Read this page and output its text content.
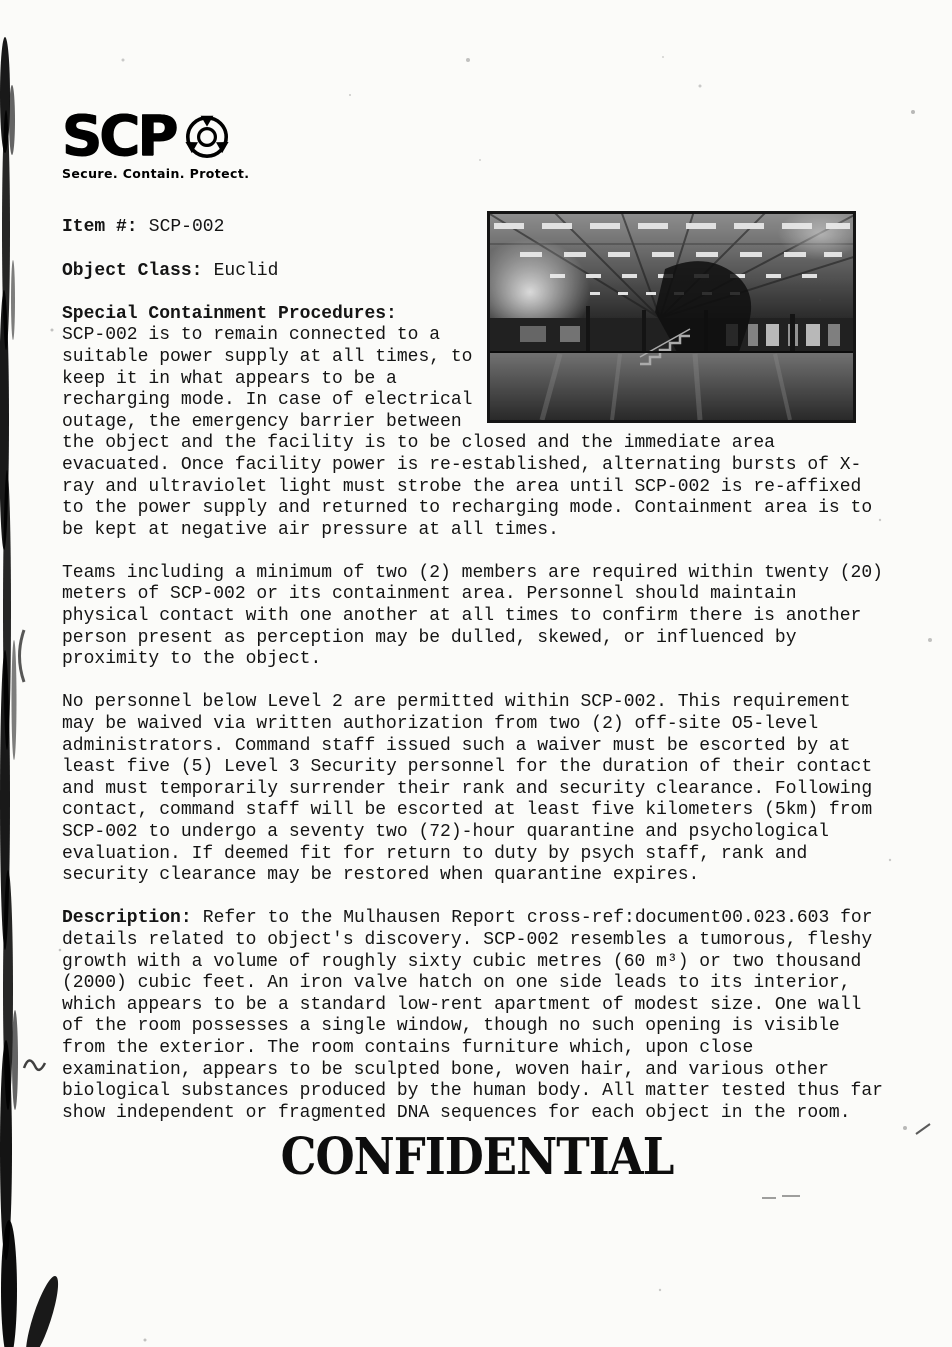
SCP
Secure. Contain. Protect.

Item #: SCP-002

Object Class: Euclid

Special Containment Procedures:
SCP-002 is to remain connected to a suitable power supply at all times, to keep it in what appears to be a recharging mode. In case of electrical outage, the emergency barrier between the object and the facility is to be closed and the immediate area evacuated. Once facility power is re-established, alternating bursts of X-ray and ultraviolet light must strobe the area until SCP-002 is re-affixed to the power supply and returned to recharging mode. Containment area is to be kept at negative air pressure at all times.

Teams including a minimum of two (2) members are required within twenty (20) meters of SCP-002 or its containment area. Personnel should maintain physical contact with one another at all times to confirm there is another person present as perception may be dulled, skewed, or influenced by proximity to the object.

No personnel below Level 2 are permitted within SCP-002. This requirement may be waived via written authorization from two (2) off-site O5-level administrators. Command staff issued such a waiver must be escorted by at least five (5) Level 3 Security personnel for the duration of their contact and must temporarily surrender their rank and security clearance. Following contact, command staff will be escorted at least five kilometers (5km) from SCP-002 to undergo a seventy two (72)-hour quarantine and psychological evaluation. If deemed fit for return to duty by psych staff, rank and security clearance may be restored when quarantine expires.

Description: Refer to the Mulhausen Report cross-ref:document00.023.603 for details related to object's discovery. SCP-002 resembles a tumorous, fleshy growth with a volume of roughly sixty cubic metres (60 m³) or two thousand (2000) cubic feet. An iron valve hatch on one side leads to its interior, which appears to be a standard low-rent apartment of modest size. One wall of the room possesses a single window, though no such opening is visible from the exterior. The room contains furniture which, upon close examination, appears to be sculpted bone, woven hair, and various other biological substances produced by the human body. All matter tested thus far show independent or fragmented DNA sequences for each object in the room.

CONFIDENTIAL
